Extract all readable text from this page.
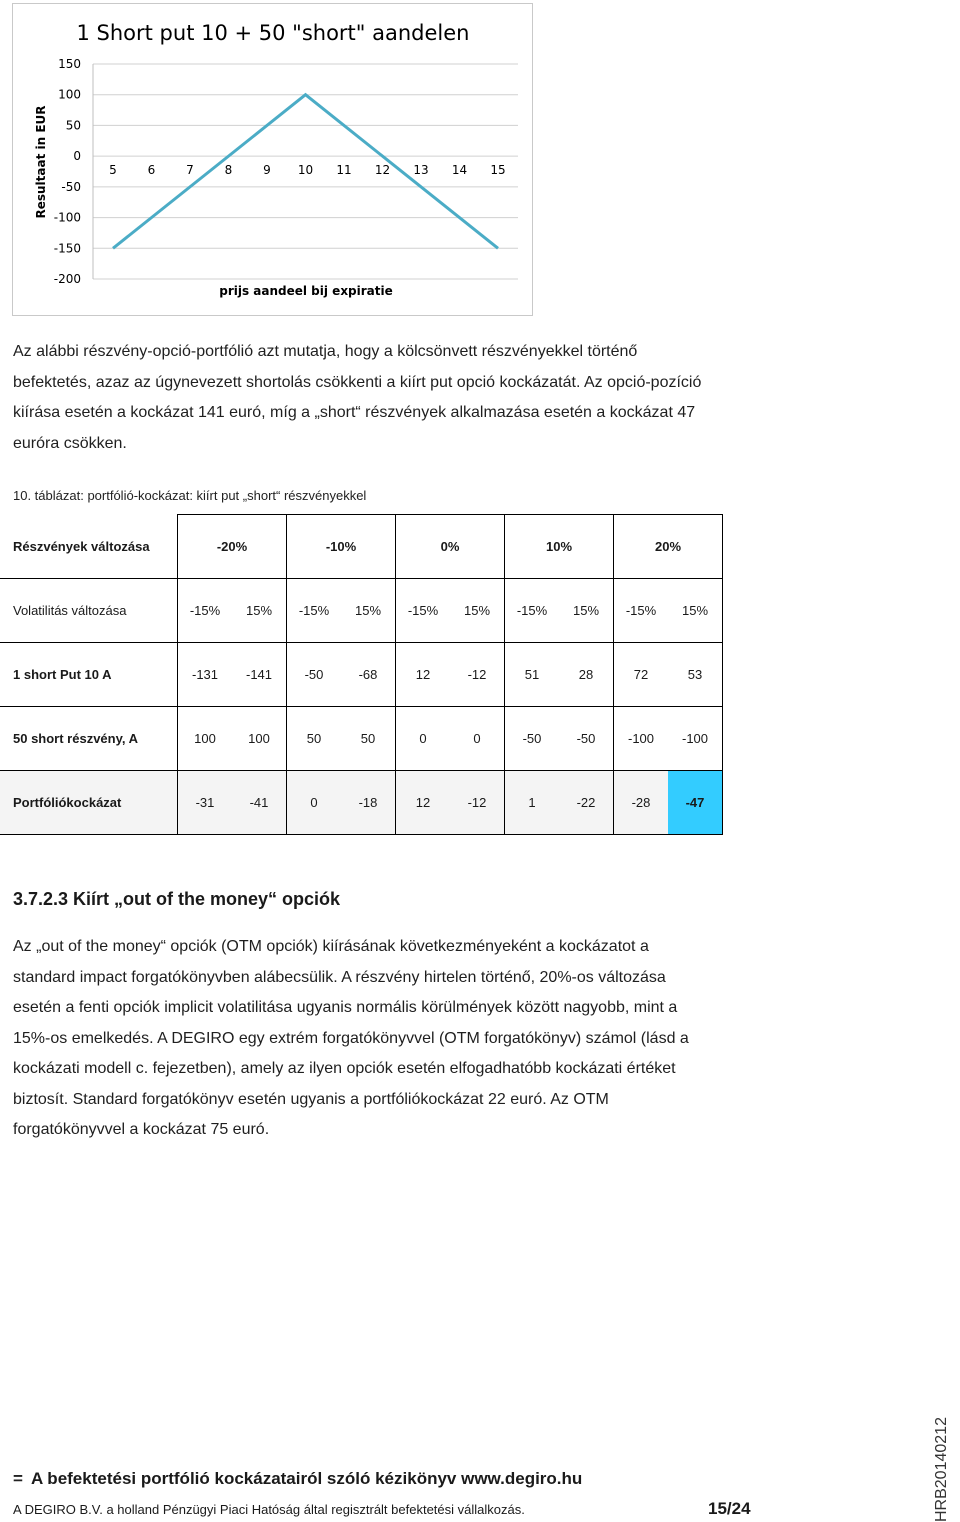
1 Short put 10 + 50 "short" aandelen
Resultaat in EUR
prijs aandeel bij expiratie
150
100
50
0
-50
-100
-150
-200
5	6	7	8	9 10 11 12 13 14 15

Az alábbi részvény-opció-portfólió azt mutatja, hogy a kölcsönvett részvényekkel történő
befektetés, azaz az úgynevezett shortolás csökkenti a kiírt put opció kockázatát. Az opció-pozíció
kiírása esetén a kockázat 141 euró, míg a „short“ részvények alkalmazása esetén a kockázat 47
euróra csökken.

10. táblázat: portfólió-kockázat: kiírt put „short“ részvényekkel
Részvények változása	-20%		-10%		0%		10%		20%	
Volatilitás változása	-15%	15%	-15%	15%	-15%	15%	-15%	15%	-15%	15%
1 short Put 10 A	-131	-141	-50	-68	12	-12	51	28	72	53
50 short részvény, A	100	100	50	50	0	0	-50	-50	-100	-100
Portfóliókockázat	-31	-41	0	-18	12	-12	1	-22	-28	-47
3.7.2.3 Kiírt „out of the money“ opciók

Az „out of the money“ opciók (OTM opciók) kiírásának következményeként a kockázatot a
standard impact forgatókönyvben alábecsülik. A részvény hirtelen történő, 20%-os változása
esetén a fenti opciók implicit volatilitása ugyanis normális körülmények között nagyobb, mint a
15%-os emelkedés. A DEGIRO egy extrém forgatókönyvvel (OTM forgatókönyv) számol (lásd a
kockázati modell c. fejezetben), amely az ilyen opciók esetén elfogadhatóbb kockázati értéket
biztosít. Standard forgatókönyv esetén ugyanis a portfóliókockázat 22 euró. Az OTM
forgatókönyvvel a kockázat 75 euró.

= A befektetési portfólió kockázatairól szóló kézikönyv www.degiro.hu
A DEGIRO B.V. a holland Pénzügyi Piaci Hatóság által regisztrált befektetési vállalkozás.	15/24	HRB20140212
